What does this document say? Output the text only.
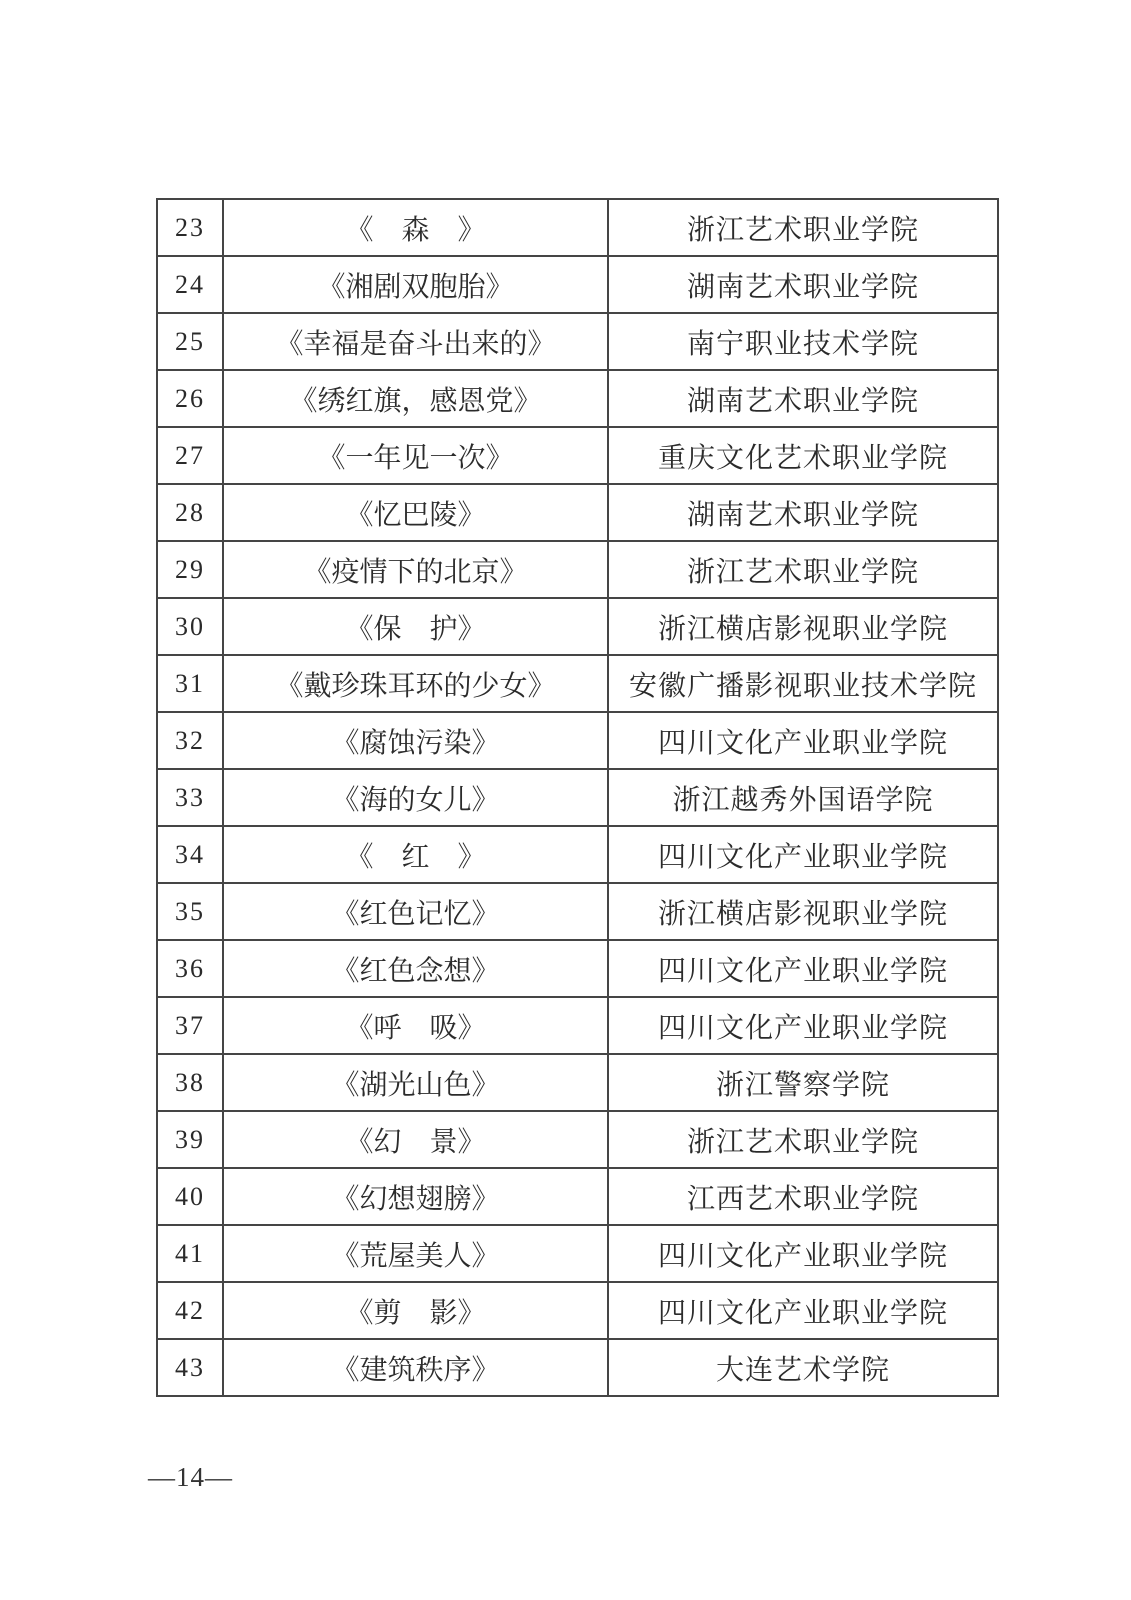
23	《　森　》	浙江艺术职业学院
24	《湘剧双胞胎》	湖南艺术职业学院
25	《幸福是奋斗出来的》	南宁职业技术学院
26	《绣红旗，感恩党》	湖南艺术职业学院
27	《一年见一次》	重庆文化艺术职业学院
28	《忆巴陵》	湖南艺术职业学院
29	《疫情下的北京》	浙江艺术职业学院
30	《保　护》	浙江横店影视职业学院
31	《戴珍珠耳环的少女》	安徽广播影视职业技术学院
32	《腐蚀污染》	四川文化产业职业学院
33	《海的女儿》	浙江越秀外国语学院
34	《　红　》	四川文化产业职业学院
35	《红色记忆》	浙江横店影视职业学院
36	《红色念想》	四川文化产业职业学院
37	《呼　吸》	四川文化产业职业学院
38	《湖光山色》	浙江警察学院
39	《幻　景》	浙江艺术职业学院
40	《幻想翅膀》	江西艺术职业学院
41	《荒屋美人》	四川文化产业职业学院
42	《剪　影》	四川文化产业职业学院
43	《建筑秩序》	大连艺术学院
—14—
